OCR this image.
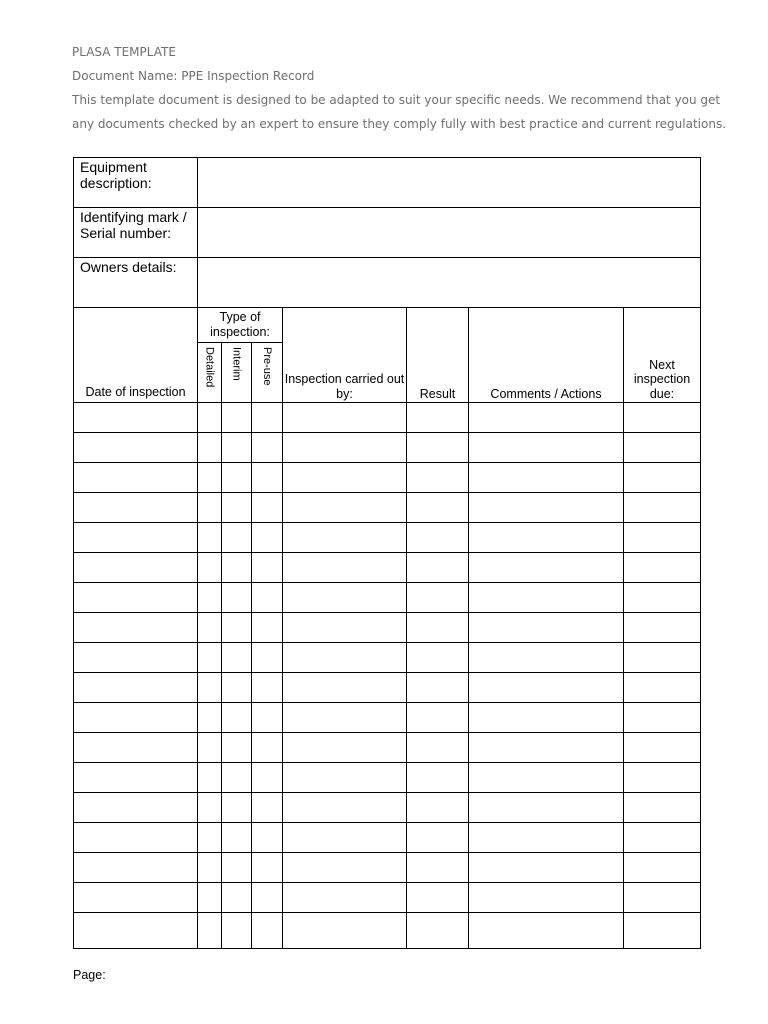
PLASA TEMPLATE
Document Name: PPE Inspection Record
This template document is designed to be adapted to suit your specific needs. We recommend that you get
any documents checked by an expert to ensure they comply fully with best practice and current regulations.
Equipment description:							

Identifying mark / Serial number:							

Owners details:							

Date of inspection	Type of inspection:			Inspection carried out by:	Result	Comments / Actions	Next inspection due:

	Detailed	Interim	Pre-use				

Page:
